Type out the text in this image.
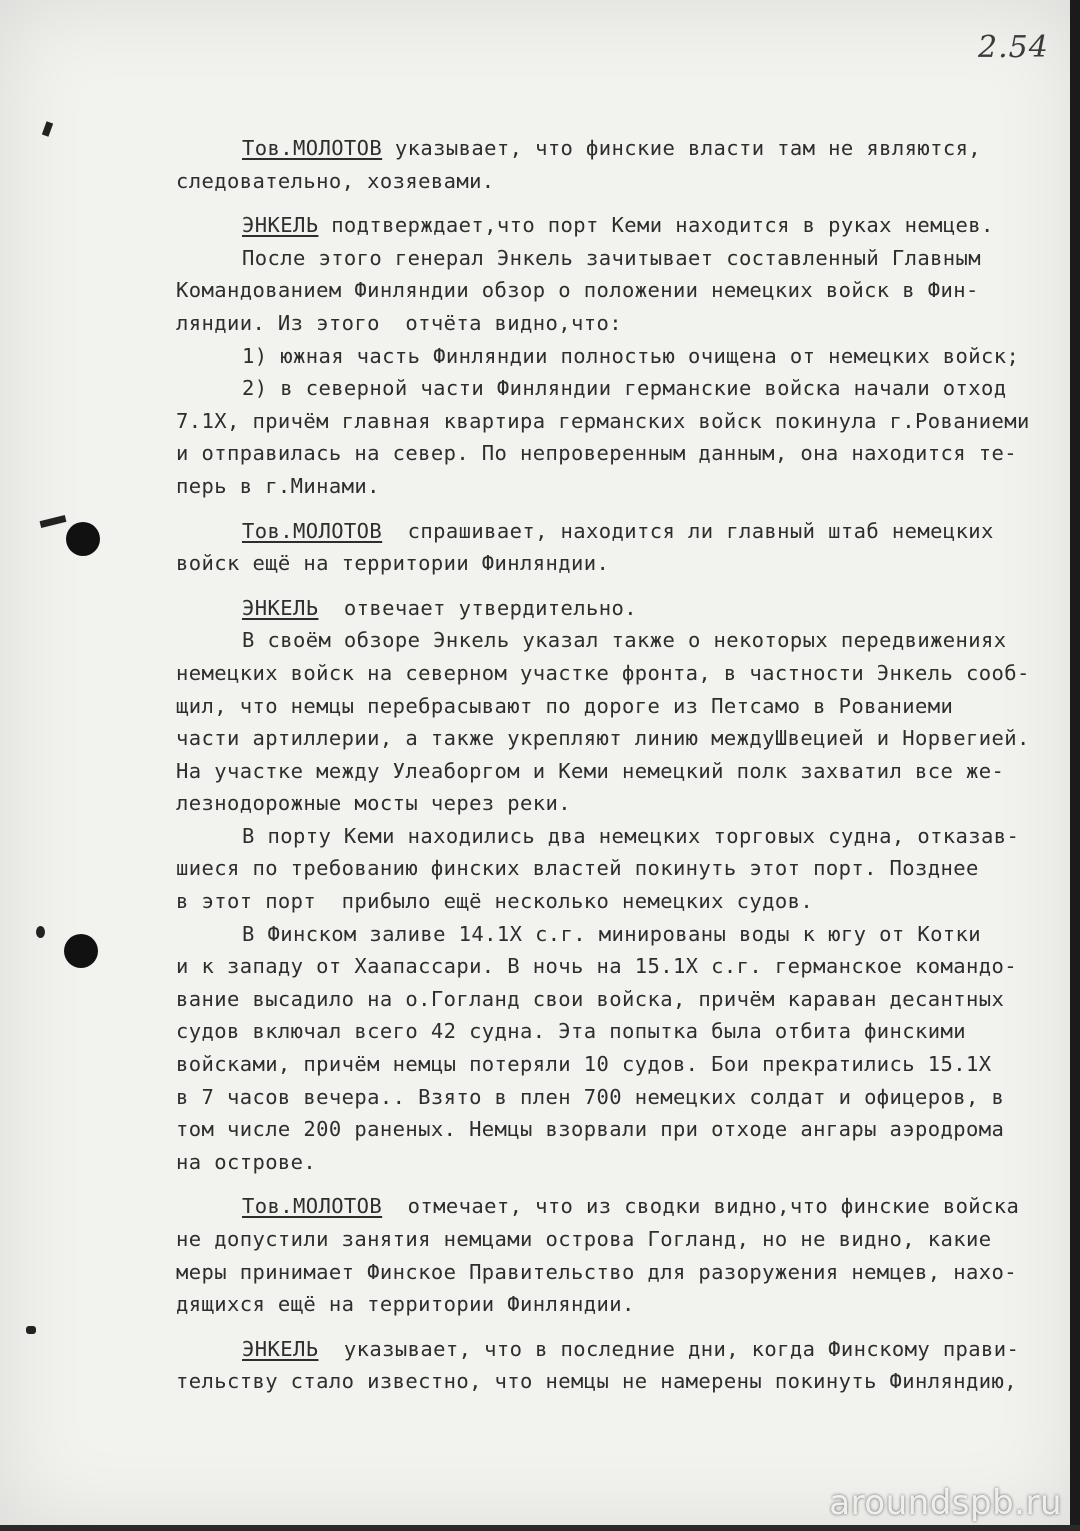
2.54
Тов.МОЛОТОВ указывает, что финские власти там не являются,
следовательно, хозяевами.
ЭНКЕЛЬ подтверждает,что порт Кеми находится в руках немцев.
После этого генерал Энкель зачитывает составленный Главным
Командованием Финляндии обзор о положении немецких войск в Фин-
ляндии. Из этого  отчёта видно,что:
1) южная часть Финляндии полностью очищена от немецких войск;
2) в северной части Финляндии германские войска начали отход
7.1Х, причём главная квартира германских войск покинула г.Рованиеми
и отправилась на север. По непроверенным данным, она находится те-
перь в г.Минами.
Тов.МОЛОТОВ  спрашивает, находится ли главный штаб немецких
войск ещё на территории Финляндии.
ЭНКЕЛЬ  отвечает утвердительно.
В своём обзоре Энкель указал также о некоторых передвижениях
немецких войск на северном участке фронта, в частности Энкель сооб-
щил, что немцы перебрасывают по дороге из Петсамо в Рованиеми
части артиллерии, а также укрепляют линию междуШвецией и Норвегией.
На участке между Улеаборгом и Кеми немецкий полк захватил все же-
лезнодорожные мосты через реки.
В порту Кеми находились два немецких торговых судна, отказав-
шиеся по требованию финских властей покинуть этот порт. Позднее
в этот порт  прибыло ещё несколько немецких судов.
В Финском заливе 14.1Х с.г. минированы воды к югу от Котки
и к западу от Хаапассари. В ночь на 15.1Х с.г. германское командо-
вание высадило на о.Гогланд свои войска, причём караван десантных
судов включал всего 42 судна. Эта попытка была отбита финскими
войсками, причём немцы потеряли 10 судов. Бои прекратились 15.1Х
в 7 часов вечера.. Взято в плен 700 немецких солдат и офицеров, в
том числе 200 раненых. Немцы взорвали при отходе ангары аэродрома
на острове.
Тов.МОЛОТОВ  отмечает, что из сводки видно,что финские войска
не допустили занятия немцами острова Гогланд, но не видно, какие
меры принимает Финское Правительство для разоружения немцев, нахо-
дящихся ещё на территории Финляндии.
ЭНКЕЛЬ  указывает, что в последние дни, когда Финскому прави-
тельству стало известно, что немцы не намерены покинуть Финляндию,
aroundspb.ru
